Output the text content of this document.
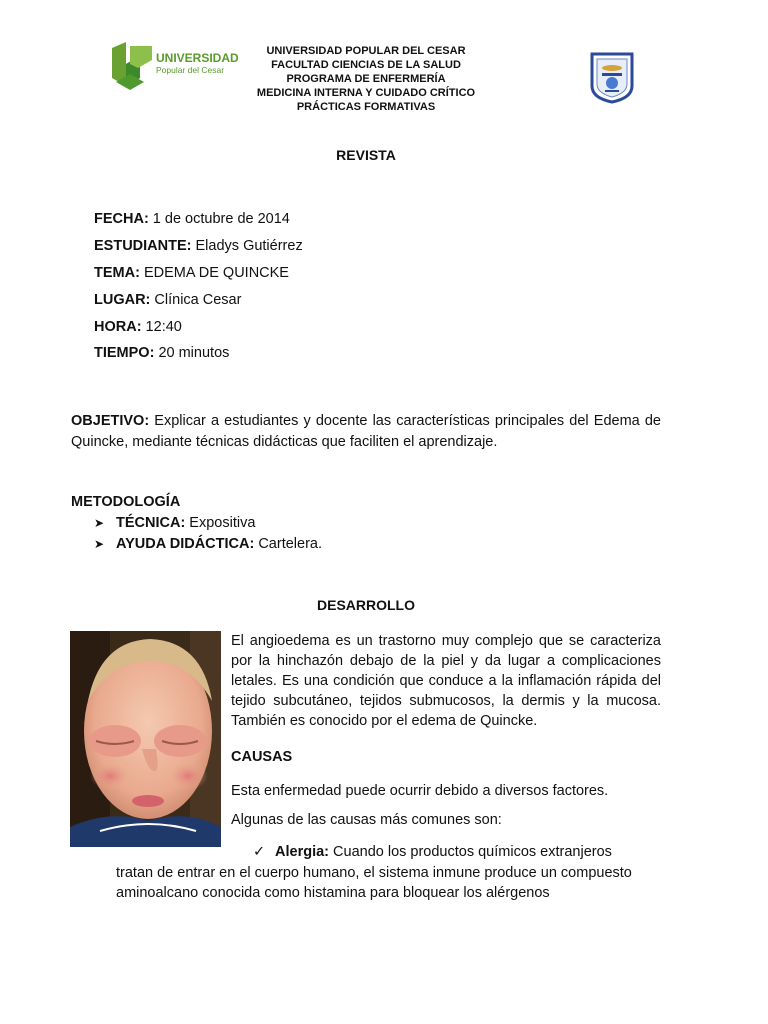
UNIVERSIDAD
Popular del Cesar
UNIVERSIDAD POPULAR DEL CESAR
FACULTAD CIENCIAS DE LA SALUD
PROGRAMA DE ENFERMERÍA
MEDICINA INTERNA Y CUIDADO CRÍTICO
PRÁCTICAS FORMATIVAS
REVISTA
FECHA: 1 de octubre de 2014
ESTUDIANTE: Eladys Gutiérrez
TEMA: EDEMA DE QUINCKE
LUGAR: Clínica Cesar
HORA: 12:40
TIEMPO: 20 minutos
OBJETIVO: Explicar a estudiantes y docente las características principales del Edema de Quincke, mediante técnicas didácticas que faciliten el aprendizaje.
METODOLOGÍA
➤ TÉCNICA: Expositiva
➤ AYUDA DIDÁCTICA: Cartelera.
DESARROLLO
El angioedema es un trastorno muy complejo que se caracteriza por la hinchazón debajo de la piel y da lugar a complicaciones letales. Es una condición que conduce a la inflamación rápida del tejido subcutáneo, tejidos submucosos, la dermis y la mucosa. También es conocido por el edema de Quincke.
CAUSAS
Esta enfermedad puede ocurrir debido a diversos factores.
Algunas de las causas más comunes son:
✓ Alergia: Cuando los productos químicos extranjeros
tratan de entrar en el cuerpo humano, el sistema inmune produce un compuesto
aminoalcano conocida como histamina para bloquear los alérgenos
